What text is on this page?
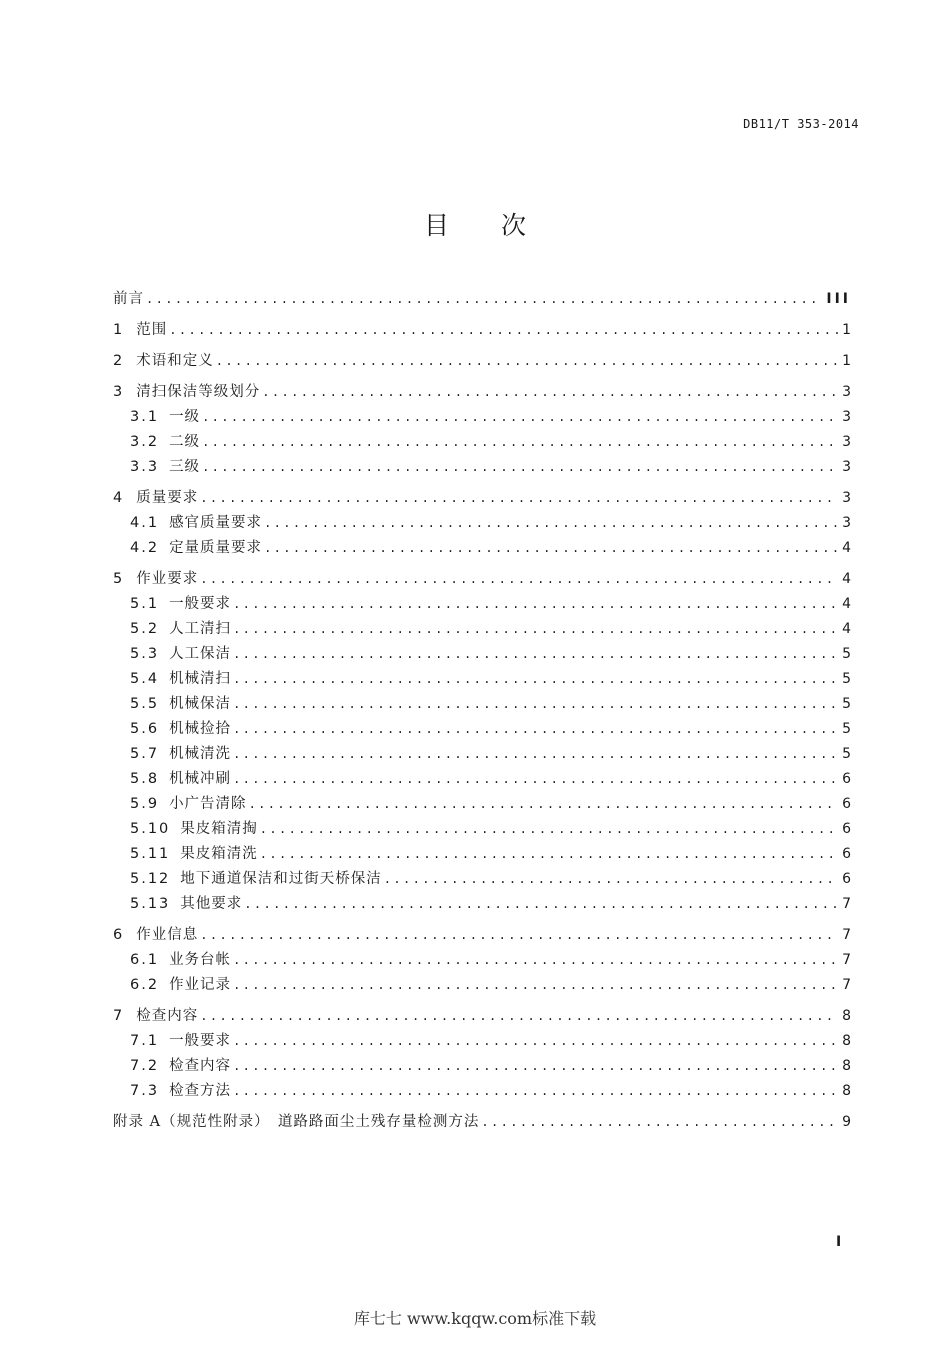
DB11/T 353-2014
目 次
前言 .....	III
1 范围 .....	1
2 术语和定义 .....	1
3 清扫保洁等级划分 .....	3
3.1 一级 .....	3
3.2 二级 .....	3
3.3 三级 .....	3
4 质量要求 .....	3
4.1 感官质量要求 .....	3
4.2 定量质量要求 .....	4
5 作业要求 .....	4
5.1 一般要求 .....	4
5.2 人工清扫 .....	4
5.3 人工保洁 .....	5
5.4 机械清扫 .....	5
5.5 机械保洁 .....	5
5.6 机械捡拾 .....	5
5.7 机械清洗 .....	5
5.8 机械冲刷 .....	6
5.9 小广告清除 .....	6
5.10 果皮箱清掏 .....	6
5.11 果皮箱清洗 .....	6
5.12 地下通道保洁和过街天桥保洁 .....	6
5.13 其他要求 .....	7
6 作业信息 .....	7
6.1 业务台帐 .....	7
6.2 作业记录 .....	7
7 检查内容 .....	8
7.1 一般要求 .....	8
7.2 检查内容 .....	8
7.3 检查方法 .....	8
附录 A（规范性附录）　道路路面尘土残存量检测方法 .....	9
I
库七七 www.kqqw.com标准下载
